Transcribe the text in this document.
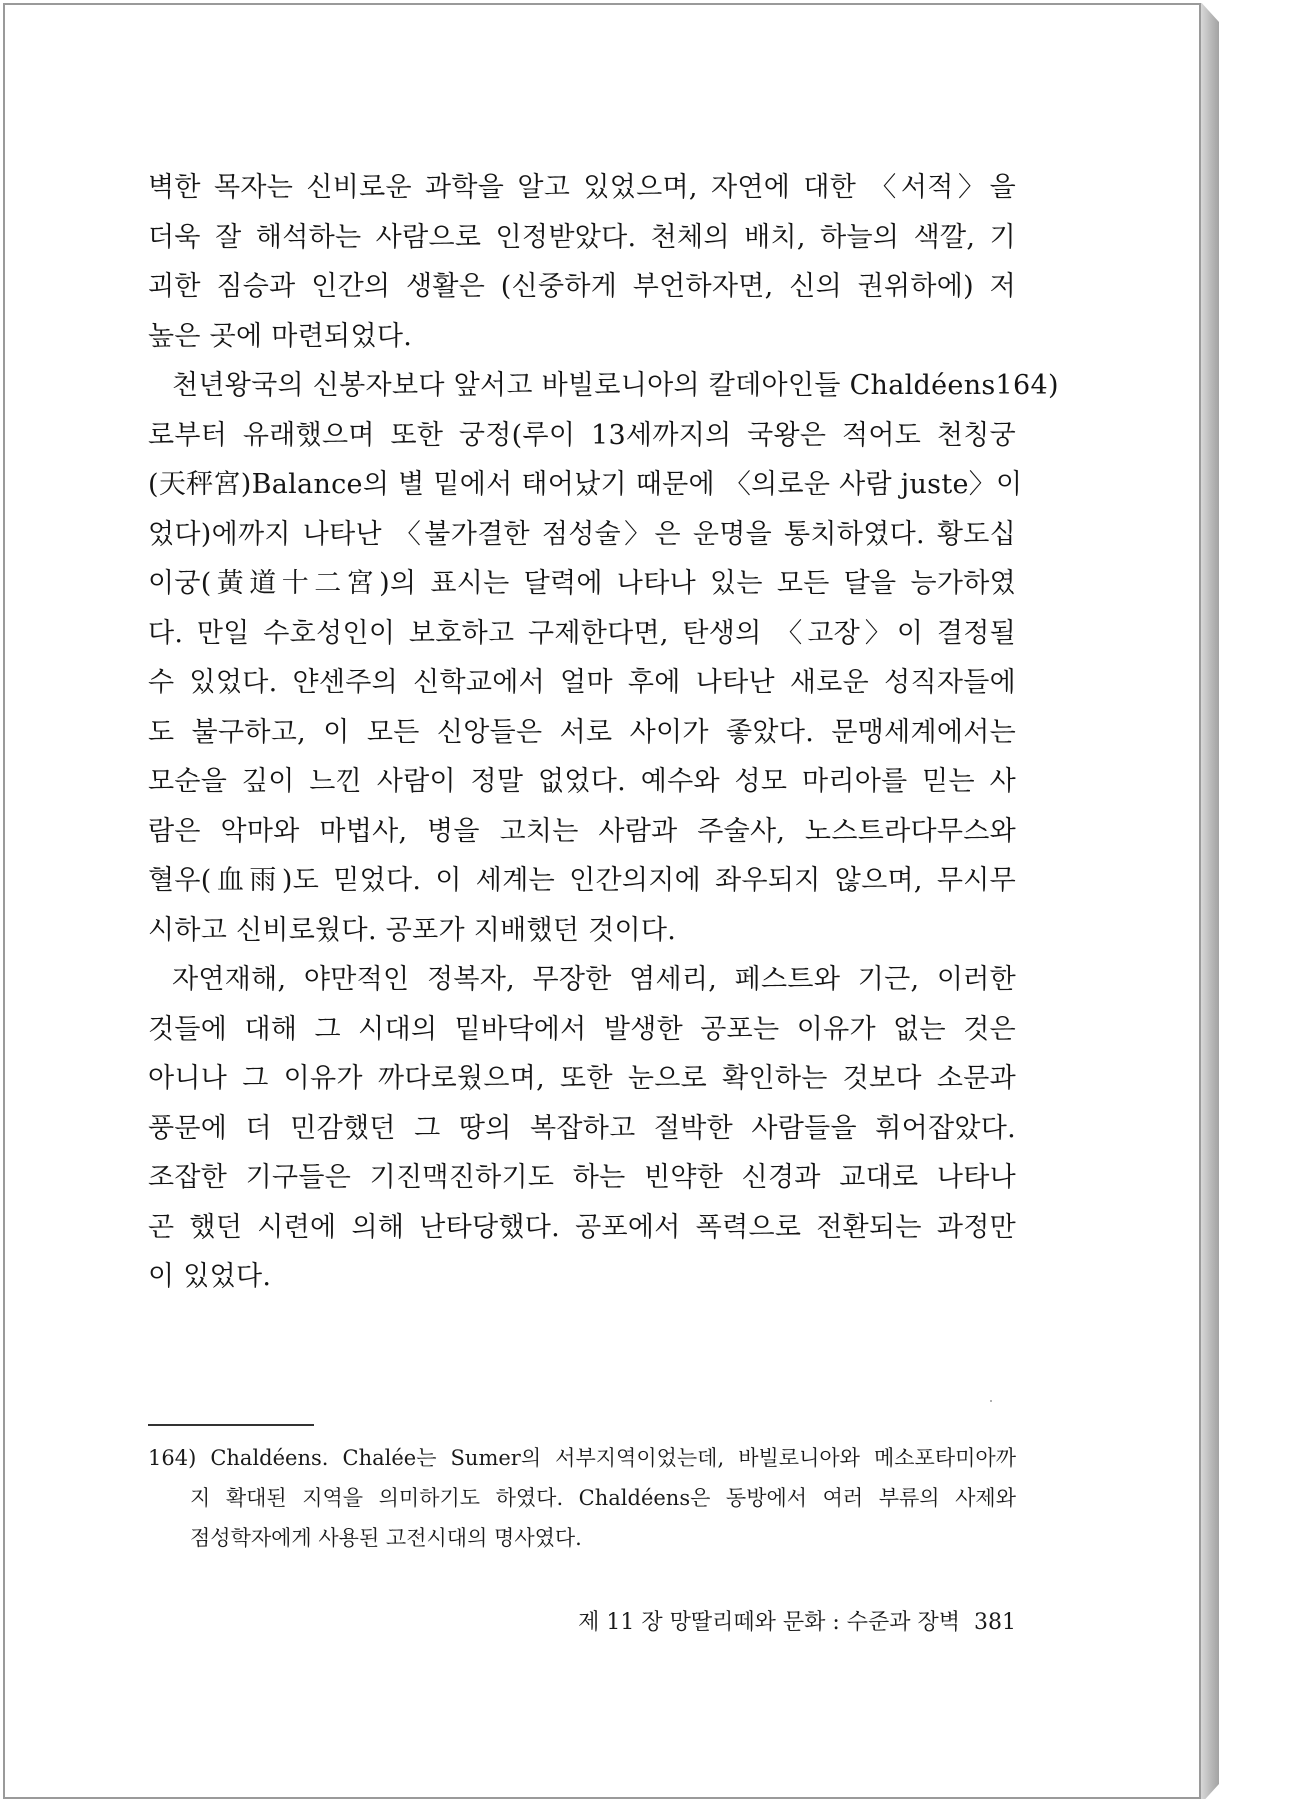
벽한 목자는 신비로운 과학을 알고 있었으며, 자연에 대한 〈서적〉을
더욱 잘 해석하는 사람으로 인정받았다. 천체의 배치, 하늘의 색깔, 기
괴한 짐승과 인간의 생활은 (신중하게 부언하자면, 신의 권위하에) 저
높은 곳에 마련되었다.
천년왕국의 신봉자보다 앞서고 바빌로니아의 칼데아인들 Chaldéens164)
로부터 유래했으며 또한 궁정(루이 13세까지의 국왕은 적어도 천칭궁
(天秤宮)Balance의 별 밑에서 태어났기 때문에 〈의로운 사람 juste〉이
었다)에까지 나타난 〈불가결한 점성술〉은 운명을 통치하였다. 황도십
이궁(黃道十二宮)의 표시는 달력에 나타나 있는 모든 달을 능가하였
다. 만일 수호성인이 보호하고 구제한다면, 탄생의 〈고장〉이 결정될
수 있었다. 얀센주의 신학교에서 얼마 후에 나타난 새로운 성직자들에
도 불구하고, 이 모든 신앙들은 서로 사이가 좋았다. 문맹세계에서는
모순을 깊이 느낀 사람이 정말 없었다. 예수와 성모 마리아를 믿는 사
람은 악마와 마법사, 병을 고치는 사람과 주술사, 노스트라다무스와
혈우(血雨)도 믿었다. 이 세계는 인간의지에 좌우되지 않으며, 무시무
시하고 신비로웠다. 공포가 지배했던 것이다.
자연재해, 야만적인 정복자, 무장한 염세리, 페스트와 기근, 이러한
것들에 대해 그 시대의 밑바닥에서 발생한 공포는 이유가 없는 것은
아니나 그 이유가 까다로웠으며, 또한 눈으로 확인하는 것보다 소문과
풍문에 더 민감했던 그 땅의 복잡하고 절박한 사람들을 휘어잡았다.
조잡한 기구들은 기진맥진하기도 하는 빈약한 신경과 교대로 나타나
곤 했던 시련에 의해 난타당했다. 공포에서 폭력으로 전환되는 과정만
이 있었다.
164) Chaldéens. Chalée는 Sumer의 서부지역이었는데, 바빌로니아와 메소포타미아까
지 확대된 지역을 의미하기도 하였다. Chaldéens은 동방에서 여러 부류의 사제와
점성학자에게 사용된 고전시대의 명사였다.
제 11 장 망딸리떼와 문화 : 수준과 장벽 381
